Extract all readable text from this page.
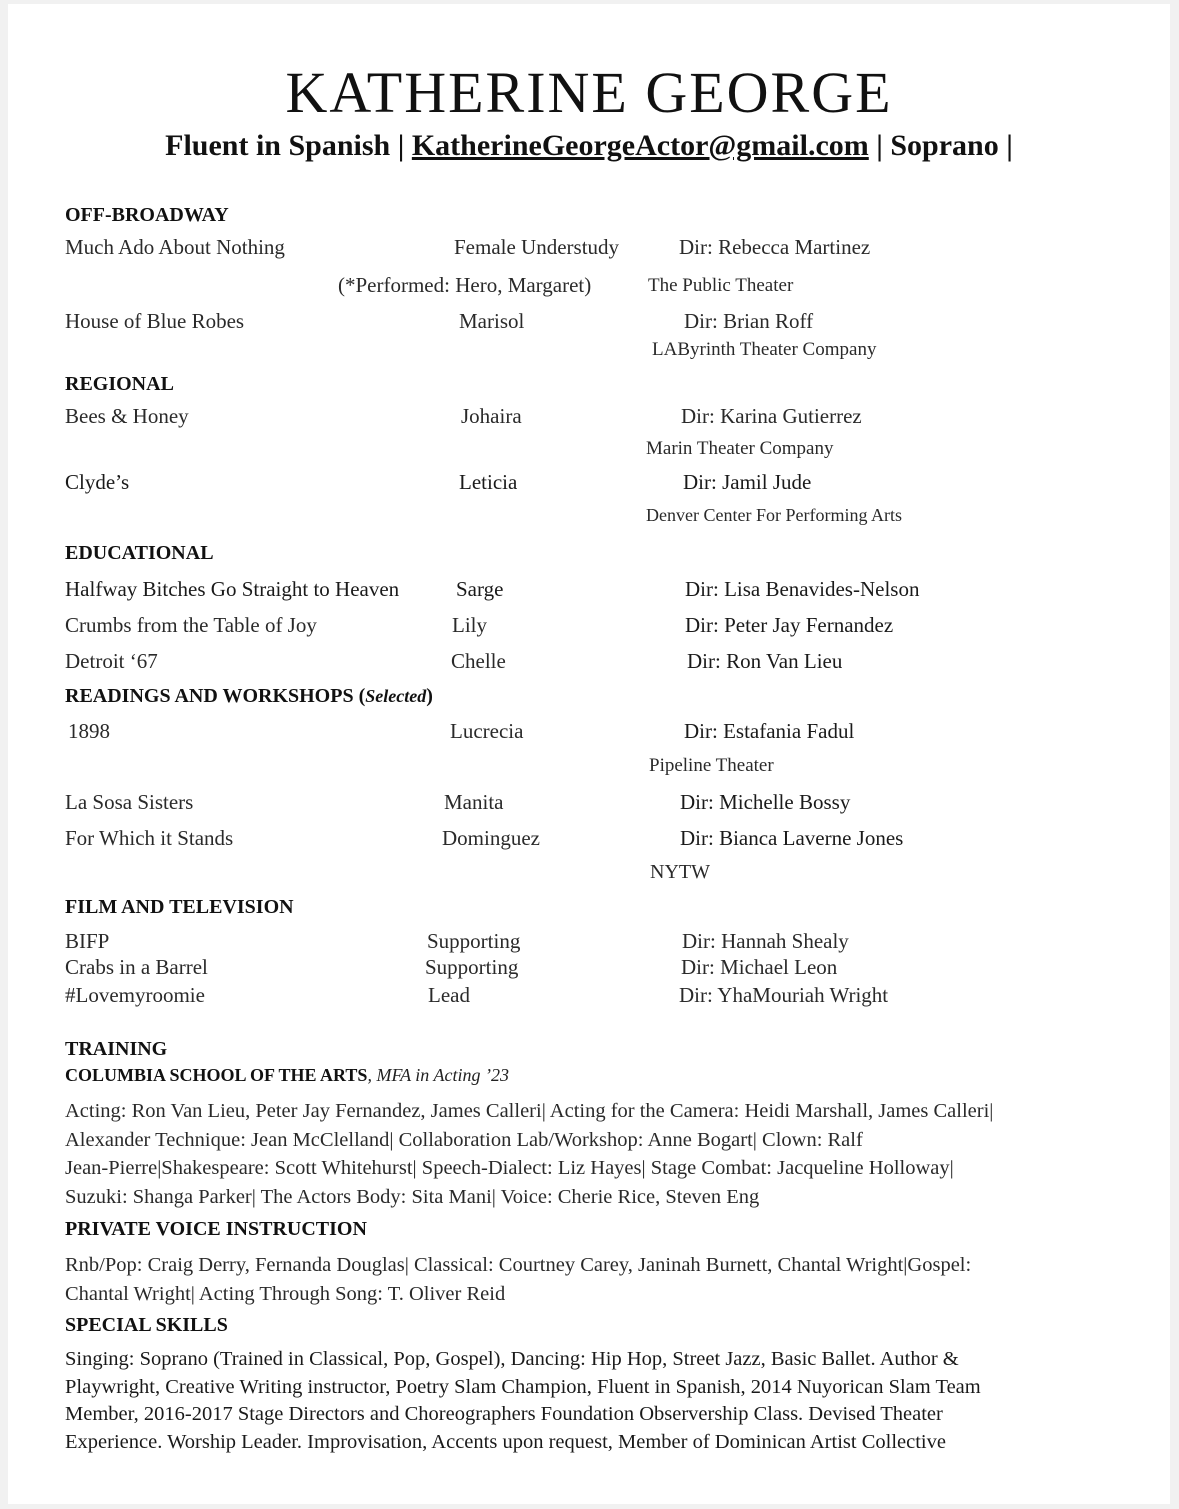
KATHERINE GEORGE
Fluent in Spanish | KatherineGeorgeActor@gmail.com | Soprano |
OFF-BROADWAY
Much Ado About Nothing	Female Understudy	Dir: Rebecca Martinez
(*Performed: Hero, Margaret)	The Public Theater
House of Blue Robes	Marisol	Dir: Brian Roff
LAByrinth Theater Company
REGIONAL
Bees & Honey	Johaira	Dir: Karina Gutierrez
Marin Theater Company
Clyde’s	Leticia	Dir: Jamil Jude
Denver Center For Performing Arts
EDUCATIONAL
Halfway Bitches Go Straight to Heaven	Sarge	Dir: Lisa Benavides-Nelson
Crumbs from the Table of Joy	Lily	Dir: Peter Jay Fernandez
Detroit ‘67	Chelle	Dir: Ron Van Lieu
READINGS AND WORKSHOPS (Selected)
1898	Lucrecia	Dir: Estafania Fadul
Pipeline Theater
La Sosa Sisters	Manita	Dir: Michelle Bossy
For Which it Stands	Dominguez	Dir: Bianca Laverne Jones
NYTW
FILM AND TELEVISION
BIFP	Supporting	Dir: Hannah Shealy
Crabs in a Barrel	Supporting	Dir: Michael Leon
#Lovemyroomie	Lead	Dir: YhaMouriah Wright
TRAINING
COLUMBIA SCHOOL OF THE ARTS, MFA in Acting ’23
Acting: Ron Van Lieu, Peter Jay Fernandez, James Calleri| Acting for the Camera: Heidi Marshall, James Calleri|
Alexander Technique: Jean McClelland| Collaboration Lab/Workshop: Anne Bogart| Clown: Ralf
Jean-Pierre|Shakespeare: Scott Whitehurst| Speech-Dialect: Liz Hayes| Stage Combat: Jacqueline Holloway|
Suzuki: Shanga Parker| The Actors Body: Sita Mani| Voice: Cherie Rice, Steven Eng
PRIVATE VOICE INSTRUCTION
Rnb/Pop: Craig Derry, Fernanda Douglas| Classical: Courtney Carey, Janinah Burnett, Chantal Wright|Gospel:
Chantal Wright| Acting Through Song: T. Oliver Reid
SPECIAL SKILLS
Singing: Soprano (Trained in Classical, Pop, Gospel), Dancing: Hip Hop, Street Jazz, Basic Ballet. Author &
Playwright, Creative Writing instructor, Poetry Slam Champion, Fluent in Spanish, 2014 Nuyorican Slam Team
Member, 2016-2017 Stage Directors and Choreographers Foundation Observership Class. Devised Theater
Experience. Worship Leader. Improvisation, Accents upon request, Member of Dominican Artist Collective
